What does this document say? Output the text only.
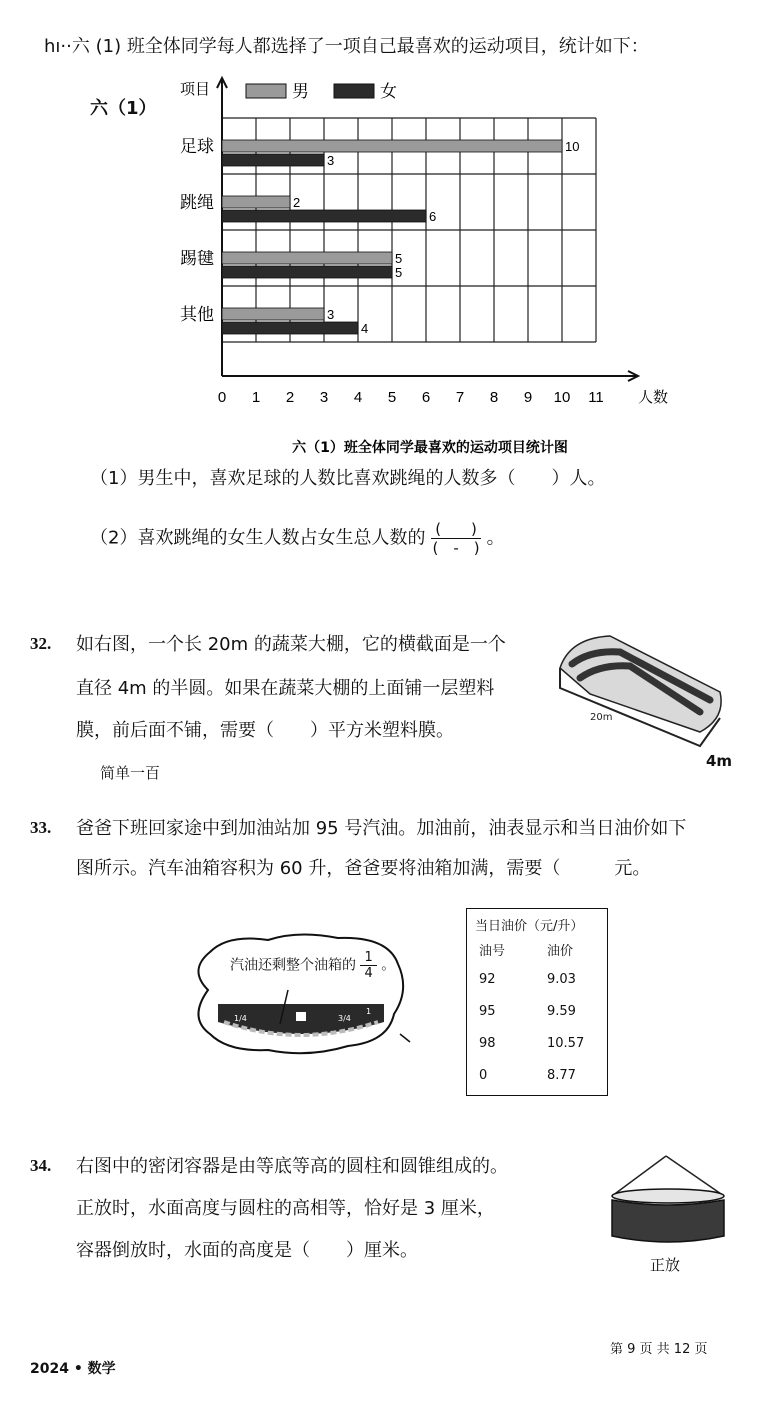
hı··六 (1) 班全体同学每人都选择了一项自己最喜欢的运动项目，统计如下：
六（1）
项目
人数
0 1 2 3 4 5 6 7 8 9 10 11
男	女
足球	10
3
跳绳	2
6
踢毽	5
5
其他	3
4
六（1）班全体同学最喜欢的运动项目统计图
（1）男生中，喜欢足球的人数比喜欢跳绳的人数多（　　）人。
（2）喜欢跳绳的女生人数占女生总人数的 $\frac{( )}{( - )}$ 。
32. 如右图，一个长 20m 的蔬菜大棚，它的横截面是一个
直径 4m 的半圆。如果在蔬菜大棚的上面铺一层塑料
膜，前后面不铺，需要（　　）平方米塑料膜。
简单一百
20m
4m
33. 爸爸下班回家途中到加油站加 95 号汽油。加油前，油表显示和当日油价如下
图所示。汽车油箱容积为 60 升，爸爸要将油箱加满，需要（　　　元。
1/4	3/4
1
汽油还剩整个油箱的 $\frac{1}{4}$ 。
当日油价（元/升）
油号	油价
92	9.03
95	9.59
98	10.57
0	8.77
34. 右图中的密闭容器是由等底等高的圆柱和圆锥组成的。
正放时，水面高度与圆柱的高相等，恰好是 3 厘米，
容器倒放时，水面的高度是（　　）厘米。
正放
2024 • 数学
第 9 页 共 12 页
